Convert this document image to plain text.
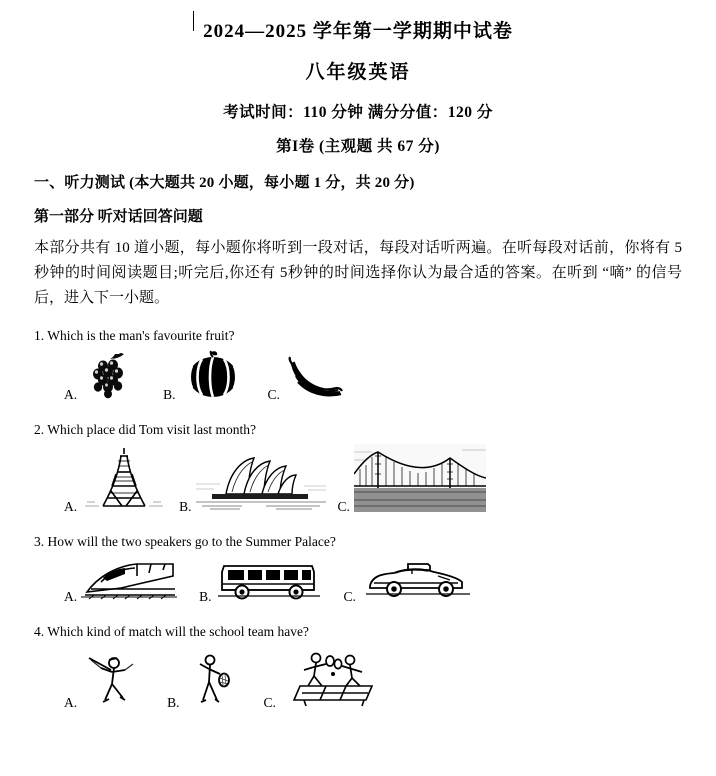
2024—2025 学年第一学期期中试卷
八年级英语
考试时间：110 分钟 满分分值：120 分
第I卷 (主观题 共 67 分)
一、听力测试 (本大题共 20 小题，每小题 1 分，共 20 分)
第一部分 听对话回答问题
本部分共有 10 道小题，每小题你将听到一段对话，每段对话听两遍。在听每段对话前，你将有 5秒钟的时间阅读题目;听完后,你还有 5秒钟的时间选择你认为最合适的答案。在听到 “嘀” 的信号后，进入下一小题。
1. Which is the man's favourite fruit?
A.	B.	C.
2. Which place did Tom visit last month?
A.	B.	C.
3. How will the two speakers go to the Summer Palace?
A.	B.	C.
4. Which kind of match will the school team have?
A.	B.	C.
